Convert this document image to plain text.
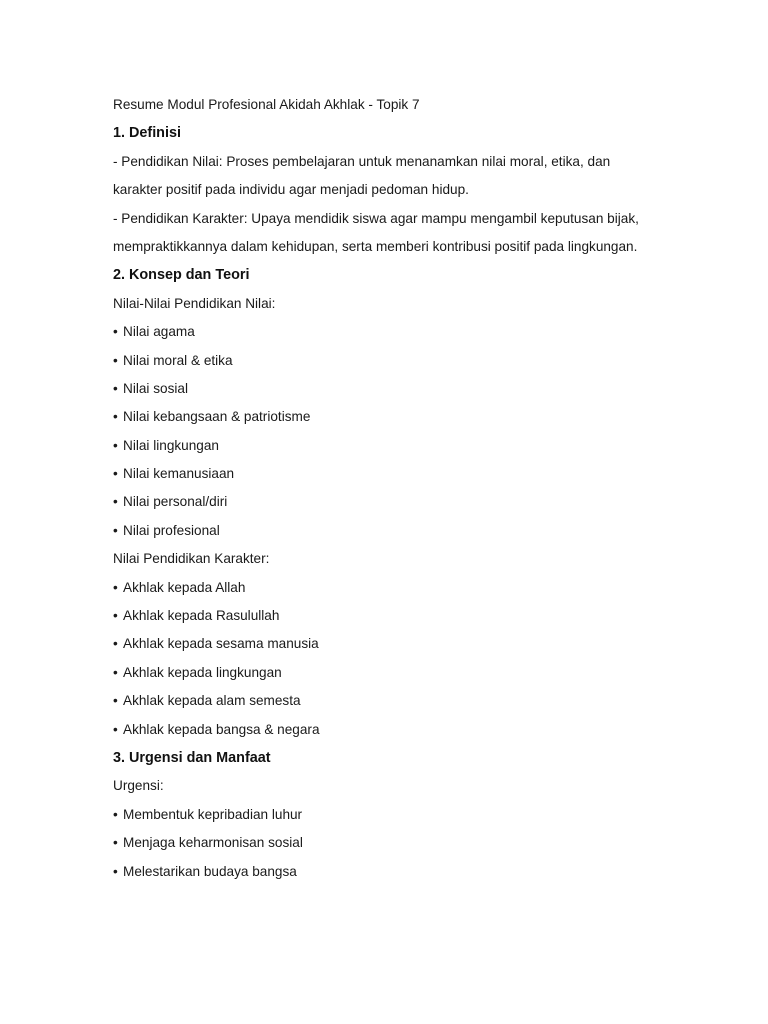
Resume Modul Profesional Akidah Akhlak - Topik 7
1. Definisi
- Pendidikan Nilai: Proses pembelajaran untuk menanamkan nilai moral, etika, dan
karakter positif pada individu agar menjadi pedoman hidup.
- Pendidikan Karakter: Upaya mendidik siswa agar mampu mengambil keputusan bijak,
mempraktikkannya dalam kehidupan, serta memberi kontribusi positif pada lingkungan.
2. Konsep dan Teori
Nilai-Nilai Pendidikan Nilai:
• Nilai agama
• Nilai moral & etika
• Nilai sosial
• Nilai kebangsaan & patriotisme
• Nilai lingkungan
• Nilai kemanusiaan
• Nilai personal/diri
• Nilai profesional
Nilai Pendidikan Karakter:
• Akhlak kepada Allah
• Akhlak kepada Rasulullah
• Akhlak kepada sesama manusia
• Akhlak kepada lingkungan
• Akhlak kepada alam semesta
• Akhlak kepada bangsa & negara
3. Urgensi dan Manfaat
Urgensi:
• Membentuk kepribadian luhur
• Menjaga keharmonisan sosial
• Melestarikan budaya bangsa
